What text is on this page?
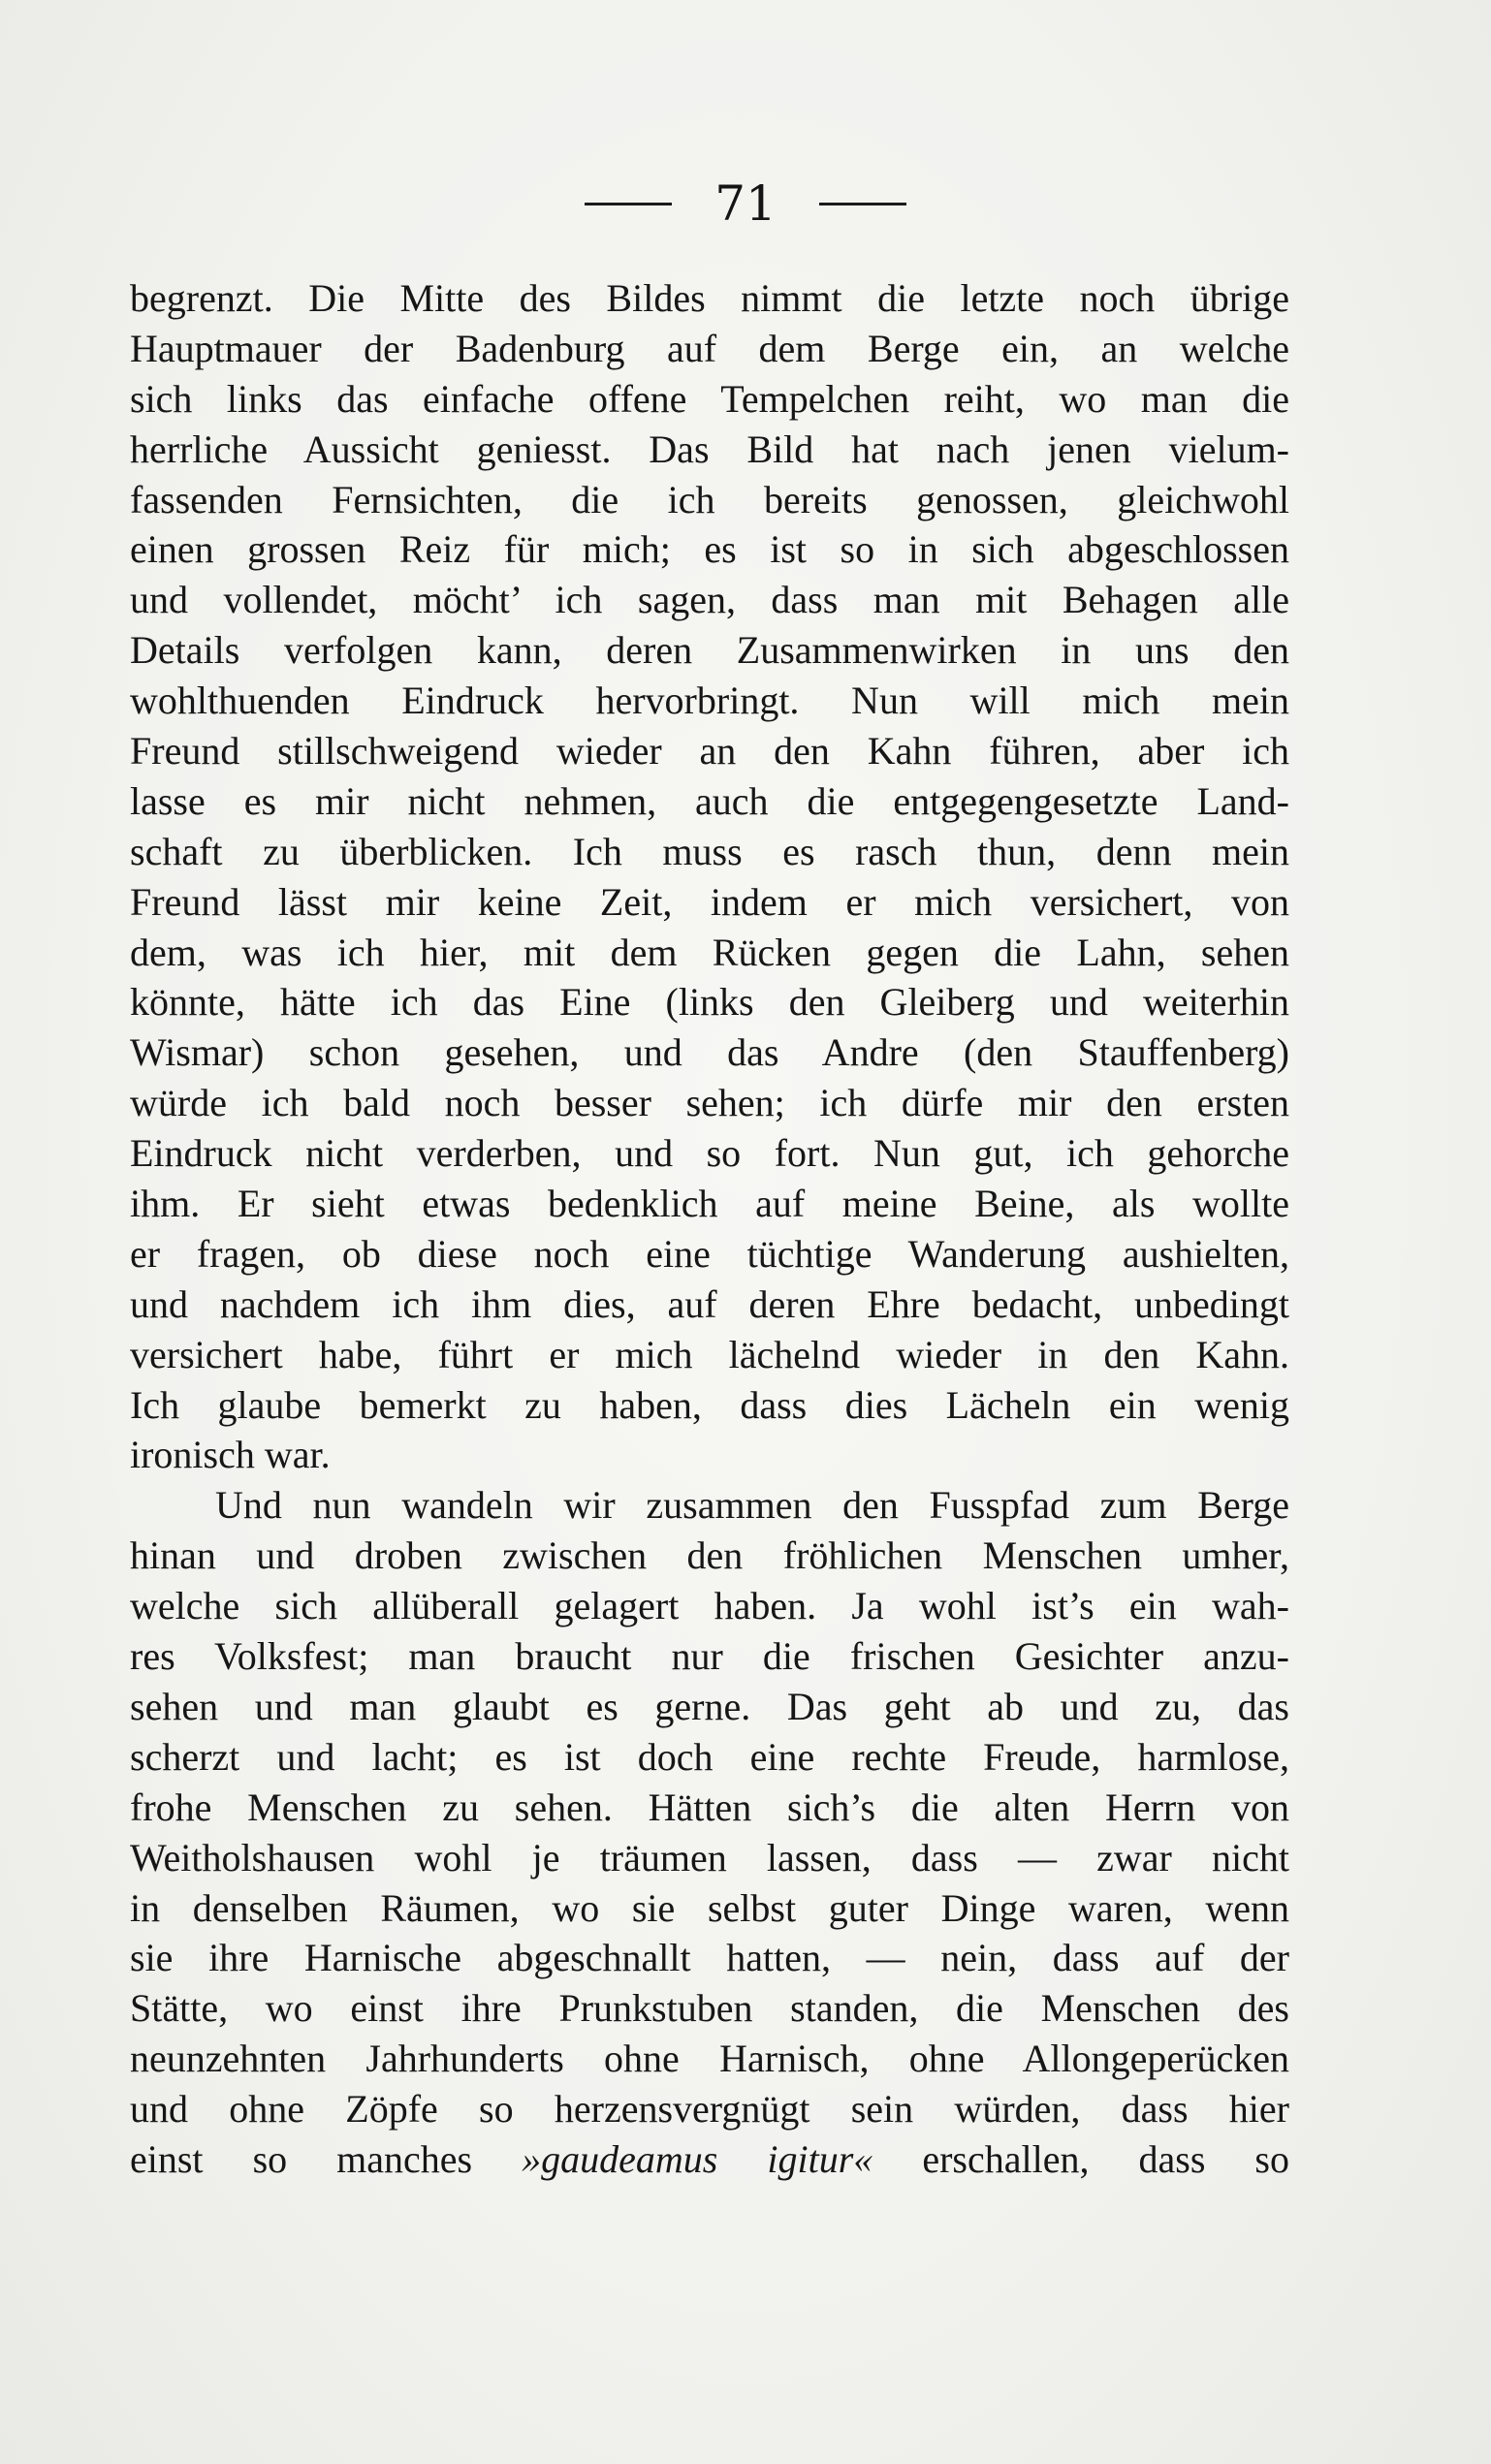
71
begrenzt. Die Mitte des Bildes nimmt die letzte noch übrige
Hauptmauer der Badenburg auf dem Berge ein, an welche
sich links das einfache offene Tempelchen reiht, wo man die
herrliche Aussicht geniesst. Das Bild hat nach jenen vielum-
fassenden Fernsichten, die ich bereits genossen, gleichwohl
einen grossen Reiz für mich; es ist so in sich abgeschlossen
und vollendet, möcht’ ich sagen, dass man mit Behagen alle
Details verfolgen kann, deren Zusammenwirken in uns den
wohlthuenden Eindruck hervorbringt. Nun will mich mein
Freund stillschweigend wieder an den Kahn führen, aber ich
lasse es mir nicht nehmen, auch die entgegengesetzte Land-
schaft zu überblicken. Ich muss es rasch thun, denn mein
Freund lässt mir keine Zeit, indem er mich versichert, von
dem, was ich hier, mit dem Rücken gegen die Lahn, sehen
könnte, hätte ich das Eine (links den Gleiberg und weiterhin
Wismar) schon gesehen, und das Andre (den Stauffenberg)
würde ich bald noch besser sehen; ich dürfe mir den ersten
Eindruck nicht verderben, und so fort. Nun gut, ich gehorche
ihm. Er sieht etwas bedenklich auf meine Beine, als wollte
er fragen, ob diese noch eine tüchtige Wanderung aushielten,
und nachdem ich ihm dies, auf deren Ehre bedacht, unbedingt
versichert habe, führt er mich lächelnd wieder in den Kahn.
Ich glaube bemerkt zu haben, dass dies Lächeln ein wenig
ironisch war.
Und nun wandeln wir zusammen den Fusspfad zum Berge
hinan und droben zwischen den fröhlichen Menschen umher,
welche sich allüberall gelagert haben. Ja wohl ist’s ein wah-
res Volksfest; man braucht nur die frischen Gesichter anzu-
sehen und man glaubt es gerne. Das geht ab und zu, das
scherzt und lacht; es ist doch eine rechte Freude, harmlose,
frohe Menschen zu sehen. Hätten sich’s die alten Herrn von
Weitholshausen wohl je träumen lassen, dass — zwar nicht
in denselben Räumen, wo sie selbst guter Dinge waren, wenn
sie ihre Harnische abgeschnallt hatten, — nein, dass auf der
Stätte, wo einst ihre Prunkstuben standen, die Menschen des
neunzehnten Jahrhunderts ohne Harnisch, ohne Allongeperücken
und ohne Zöpfe so herzensvergnügt sein würden, dass hier
einst so manches »gaudeamus igitur« erschallen, dass so
